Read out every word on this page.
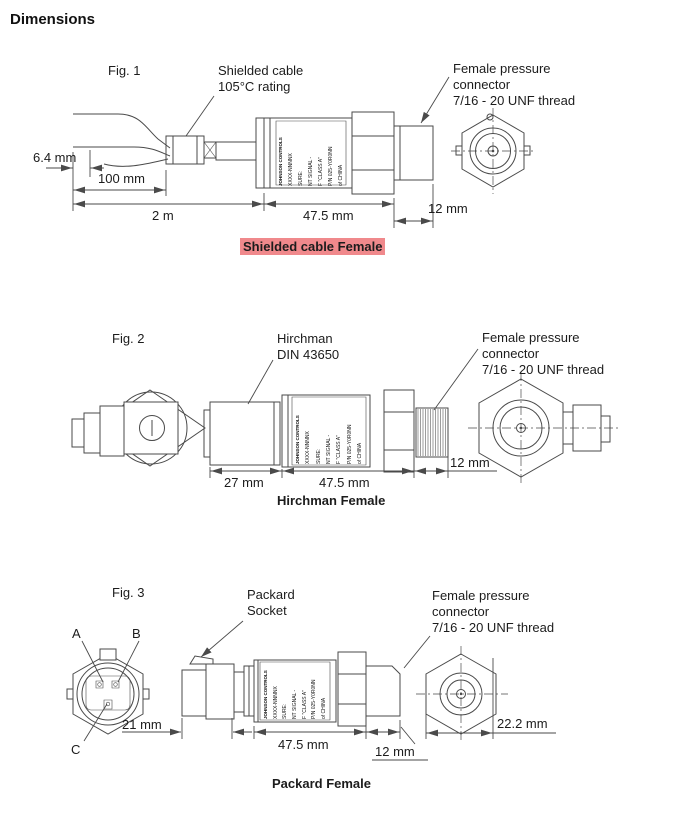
Dimensions
Fig. 1	Shielded cable
105°C rating
Female pressure
connector
7/16 - 20 UNF thread
6.4 mm
100 mm
2 m	47.5 mm	12 mm
Shielded cable Female
JOHNSON CONTROLS XXXX-NNNNX SURE: NT SIGNAL - F "CLASS A" P/N 025-Y0R0NN of CHINA
Fig. 2	Hirchman
DIN 43650
Female pressure
connector
7/16 - 20 UNF thread
27 mm	47.5 mm
12 mm
Hirchman Female
JOHNSON CONTROLS XXXX-NNNNX SURE: NT SIGNAL - F "CLASS A" P/N 025-Y0R0NN of CHINA
Fig. 3	Packard
Socket
Female pressure
connector
7/16 - 20 UNF thread
A	B
C
21 mm
47.5 mm	12 mm
22.2 mm
Packard Female
JOHNSON CONTROLS XXXX-NNNNX SURE: NT SIGNAL - F "CLASS A" P/N 025-Y0R0NN of CHINA
